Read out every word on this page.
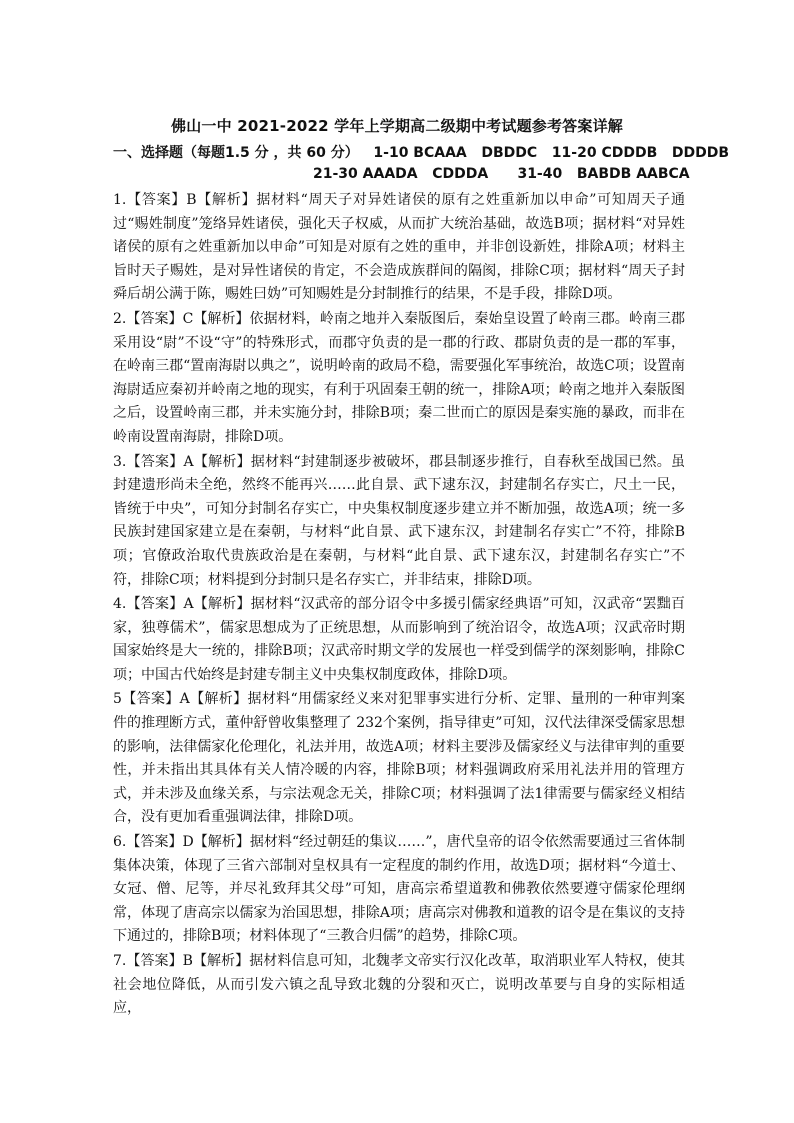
佛山一中 2021-2022 学年上学期高二级期中考试题参考答案详解
一、选择题（每题1.5 分 ，共 60 分）   1-10 BCAAA   DBDDC   11-20 CDDDB   DDDDB
21-30 AAADA   CDDDA      31-40   BABDB AABCA

1.【答案】B【解析】据材料“周天子对异姓诸侯的原有之姓重新加以申命”可知周天子通过“赐姓制度”笼络异姓诸侯，强化天子权威，从而扩大统治基础，故选B项；据材料“对异姓诸侯的原有之姓重新加以申命”可知是对原有之姓的重申，并非创设新姓，排除A项；材料主旨时天子赐姓，是对异性诸侯的肯定，不会造成族群间的隔阂，排除C项；据材料“周天子封舜后胡公满于陈，赐姓曰妫”可知赐姓是分封制推行的结果，不是手段，排除D项。

2.【答案】C【解析】依据材料，岭南之地并入秦版图后，秦始皇设置了岭南三郡。岭南三郡采用设“尉”不设“守”的特殊形式，而郡守负责的是一郡的行政、郡尉负责的是一郡的军事，在岭南三郡“置南海尉以典之”，说明岭南的政局不稳，需要强化军事统治，故选C项；设置南海尉适应秦初并岭南之地的现实，有利于巩固秦王朝的统一，排除A项；岭南之地并入秦版图之后，设置岭南三郡，并未实施分封，排除B项；秦二世而亡的原因是秦实施的暴政，而非在岭南设置南海尉，排除D项。

3.【答案】A【解析】据材料“封建制逐步被破坏，郡县制逐步推行，自春秋至战国已然。虽封建遗形尚未全绝，然终不能再兴……此自景、武下逮东汉，封建制名存实亡，尺土一民，皆统于中央”，可知分封制名存实亡，中央集权制度逐步建立并不断加强，故选A项；统一多民族封建国家建立是在秦朝，与材料“此自景、武下逮东汉，封建制名存实亡”不符，排除B项；官僚政治取代贵族政治是在秦朝，与材料“此自景、武下逮东汉，封建制名存实亡”不符，排除C项；材料提到分封制只是名存实亡，并非结束，排除D项。

4.【答案】A【解析】据材料“汉武帝的部分诏令中多援引儒家经典语”可知，汉武帝“罢黜百家，独尊儒术”，儒家思想成为了正统思想，从而影响到了统治诏令，故选A项；汉武帝时期国家始终是大一统的，排除B项；汉武帝时期文学的发展也一样受到儒学的深刻影响，排除C项；中国古代始终是封建专制主义中央集权制度政体，排除D项。

5【答案】A【解析】据材料“用儒家经义来对犯罪事实进行分析、定罪、量刑的一种审判案件的推理断方式，董仲舒曾收集整理了 232个案例，指导律吏”可知，汉代法律深受儒家思想的影响，法律儒家化伦理化，礼法并用，故选A项；材料主要涉及儒家经义与法律审判的重要性，并未指出其具体有关人情冷暖的内容，排除B项；材料强调政府采用礼法并用的管理方式，并未涉及血缘关系，与宗法观念无关，排除C项；材料强调了法1律需要与儒家经义相结合，没有更加看重强调法律，排除D项。

6.【答案】D【解析】据材料“经过朝廷的集议……”，唐代皇帝的诏令依然需要通过三省体制集体决策，体现了三省六部制对皇权具有一定程度的制约作用，故选D项；据材料“今道士、女冠、僧、尼等，并尽礼致拜其父母”可知，唐高宗希望道教和佛教依然要遵守儒家伦理纲常，体现了唐高宗以儒家为治国思想，排除A项；唐高宗对佛教和道教的诏令是在集议的支持下通过的，排除B项；材料体现了“三教合归儒”的趋势，排除C项。

7.【答案】B【解析】据材料信息可知，北魏孝文帝实行汉化改革，取消职业军人特权，使其社会地位降低，从而引发六镇之乱导致北魏的分裂和灭亡，说明改革要与自身的实际相适应，
